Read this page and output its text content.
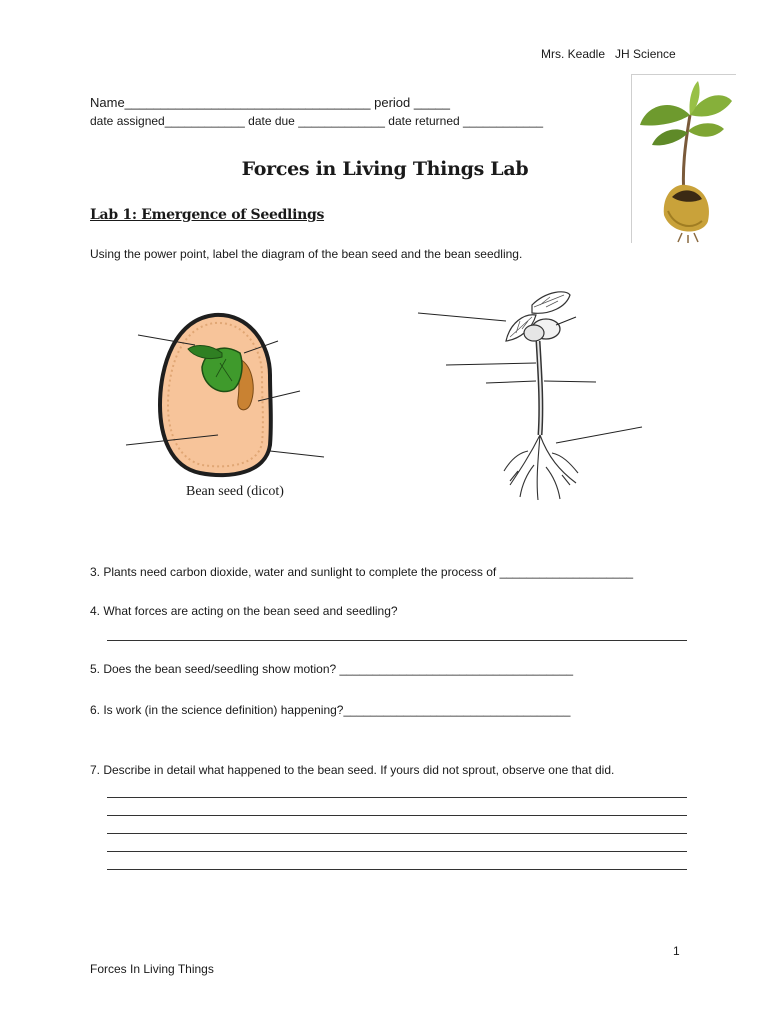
Mrs. Keadle JH Science
Name__________________________________ period _____
date assigned____________ date due _____________ date returned ____________
Forces in Living Things Lab
Lab 1: Emergence of Seedlings
Using the power point, label the diagram of the bean seed and the bean seedling.
Bean seed (dicot)
3. Plants need carbon dioxide, water and sunlight to complete the process of ____________________
4. What forces are acting on the bean seed and seedling?
5. Does the bean seed/seedling show motion? ___________________________________
6. Is work (in the science definition) happening?__________________________________
7. Describe in detail what happened to the bean seed. If yours did not sprout, observe one that did.
1
Forces In Living Things
